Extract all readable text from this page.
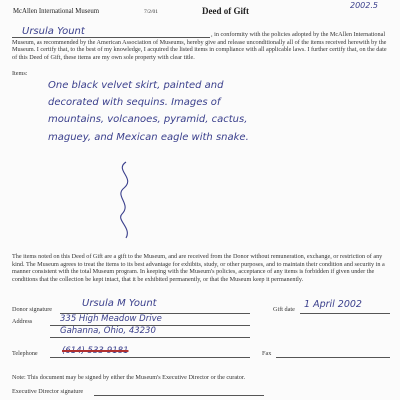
McAllen International Museum	7/2/01	Deed of Gift
2002.5
Ursula Yount	, in conformity with the policies adopted by the McAllen International Museum, as recommended by the American Association of Museums, hereby give and release unconditionally all of the items received herewith by the Museum. I certify that, to the best of my knowledge, I acquired the listed items in compliance with all applicable laws. I further certify that, on the date of this Deed of Gift, these items are my own sole property with clear title.
Items:
One black velvet skirt, painted and
decorated with sequins. Images of
mountains, volcanoes, pyramid, cactus,
maguey, and Mexican eagle with snake.
The items noted on this Deed of Gift are a gift to the Museum, and are received from the Donor without remuneration, exchange, or restriction of any kind. The Museum agrees to treat the items to its best advantage for exhibits, study, or other purposes, and to maintain their condition and security in a manner consistent with the total Museum program. In keeping with the Museum's policies, acceptance of any items is forbidden if given under the conditions that the collection be kept intact, that it be exhibited permanently, or that the Museum keep it permanently.
Donor signature
Ursula M Yount
Gift date 1 April 2002
Address	335 High Meadow Drive
Gahanna, Ohio, 43230
Telephone	(614) 533-9181	Fax
Note: This document may be signed by either the Museum's Executive Director or the curator.
Executive Director signature
